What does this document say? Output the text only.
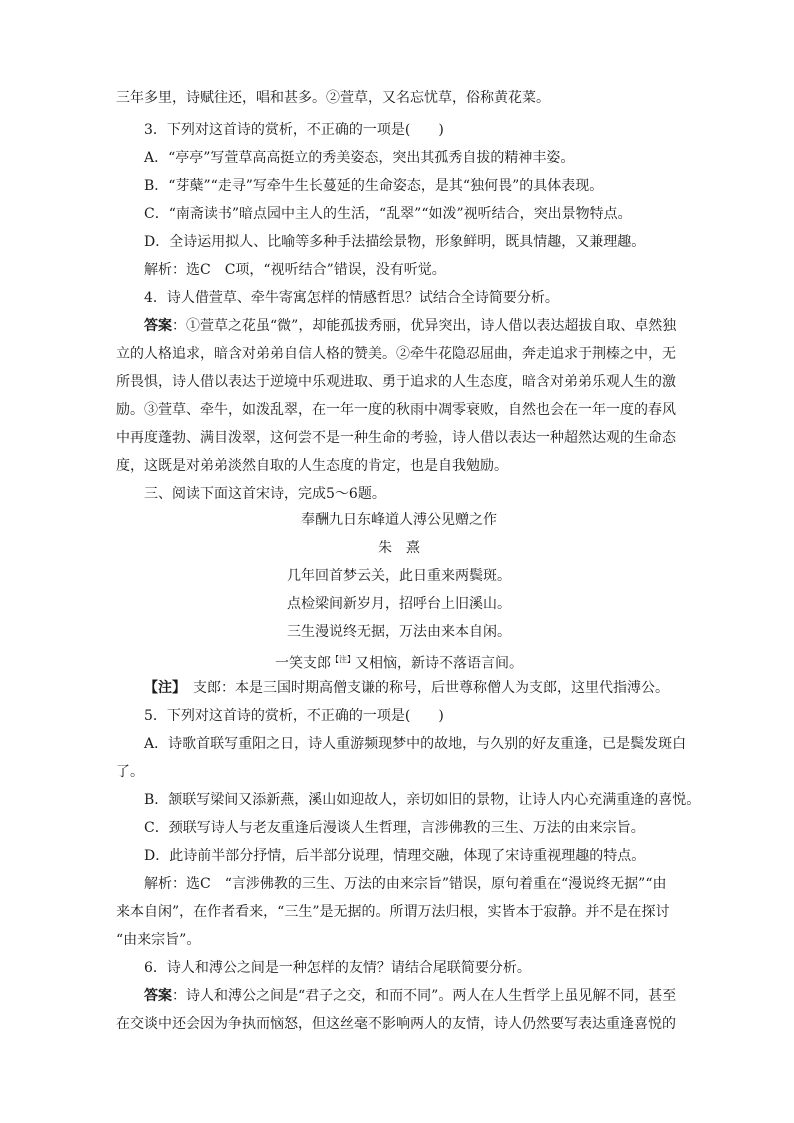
三年多里，诗赋往还，唱和甚多。②萱草，又名忘忧草，俗称黄花菜。
3．下列对这首诗的赏析，不正确的一项是(　　)
A．“亭亭”写萱草高高挺立的秀美姿态，突出其孤秀自拔的精神丰姿。
B．“芽蘖”“走寻”写牵牛生长蔓延的生命姿态，是其“独何畏”的具体表现。
C．“南斋读书”暗点园中主人的生活，“乱翠”“如泼”视听结合，突出景物特点。
D．全诗运用拟人、比喻等多种手法描绘景物，形象鲜明，既具情趣，又兼理趣。
解析：选C　C项，“视听结合”错误，没有听觉。
4．诗人借萱草、牵牛寄寓怎样的情感哲思？试结合全诗简要分析。
答案：①萱草之花虽“微”，却能孤拔秀丽，优异突出，诗人借以表达超拔自取、卓然独
立的人格追求，暗含对弟弟自信人格的赞美。②牵牛花隐忍屈曲，奔走追求于荆榛之中，无
所畏惧，诗人借以表达于逆境中乐观进取、勇于追求的人生态度，暗含对弟弟乐观人生的激
励。③萱草、牵牛，如泼乱翠，在一年一度的秋雨中凋零衰败，自然也会在一年一度的春风
中再度蓬勃、满目泼翠，这何尝不是一种生命的考验，诗人借以表达一种超然达观的生命态
度，这既是对弟弟淡然自取的人生态度的肯定，也是自我勉励。
三、阅读下面这首宋诗，完成5～6题。
奉酬九日东峰道人溥公见赠之作
朱　熹
几年回首梦云关，此日重来两鬓斑。
点检梁间新岁月，招呼台上旧溪山。
三生漫说终无据，万法由来本自闲。
一笑支郎$^{【注】}$又相恼，新诗不落语言间。
【注】　支郎：本是三国时期高僧支谦的称号，后世尊称僧人为支郎，这里代指溥公。
5．下列对这首诗的赏析，不正确的一项是(　　)
A．诗歌首联写重阳之日，诗人重游频现梦中的故地，与久别的好友重逢，已是鬓发斑白
了。
B．颔联写梁间又添新燕，溪山如迎故人，亲切如旧的景物，让诗人内心充满重逢的喜悦。
C．颈联写诗人与老友重逢后漫谈人生哲理，言涉佛教的三生、万法的由来宗旨。
D．此诗前半部分抒情，后半部分说理，情理交融，体现了宋诗重视理趣的特点。
解析：选C　“言涉佛教的三生、万法的由来宗旨”错误，原句着重在“漫说终无据”“由
来本自闲”，在作者看来，“三生”是无据的。所谓万法归根，实皆本于寂静。并不是在探讨
“由来宗旨”。
6．诗人和溥公之间是一种怎样的友情？请结合尾联简要分析。
答案：诗人和溥公之间是“君子之交，和而不同”。两人在人生哲学上虽见解不同，甚至
在交谈中还会因为争执而恼怒，但这丝毫不影响两人的友情，诗人仍然要写表达重逢喜悦的
